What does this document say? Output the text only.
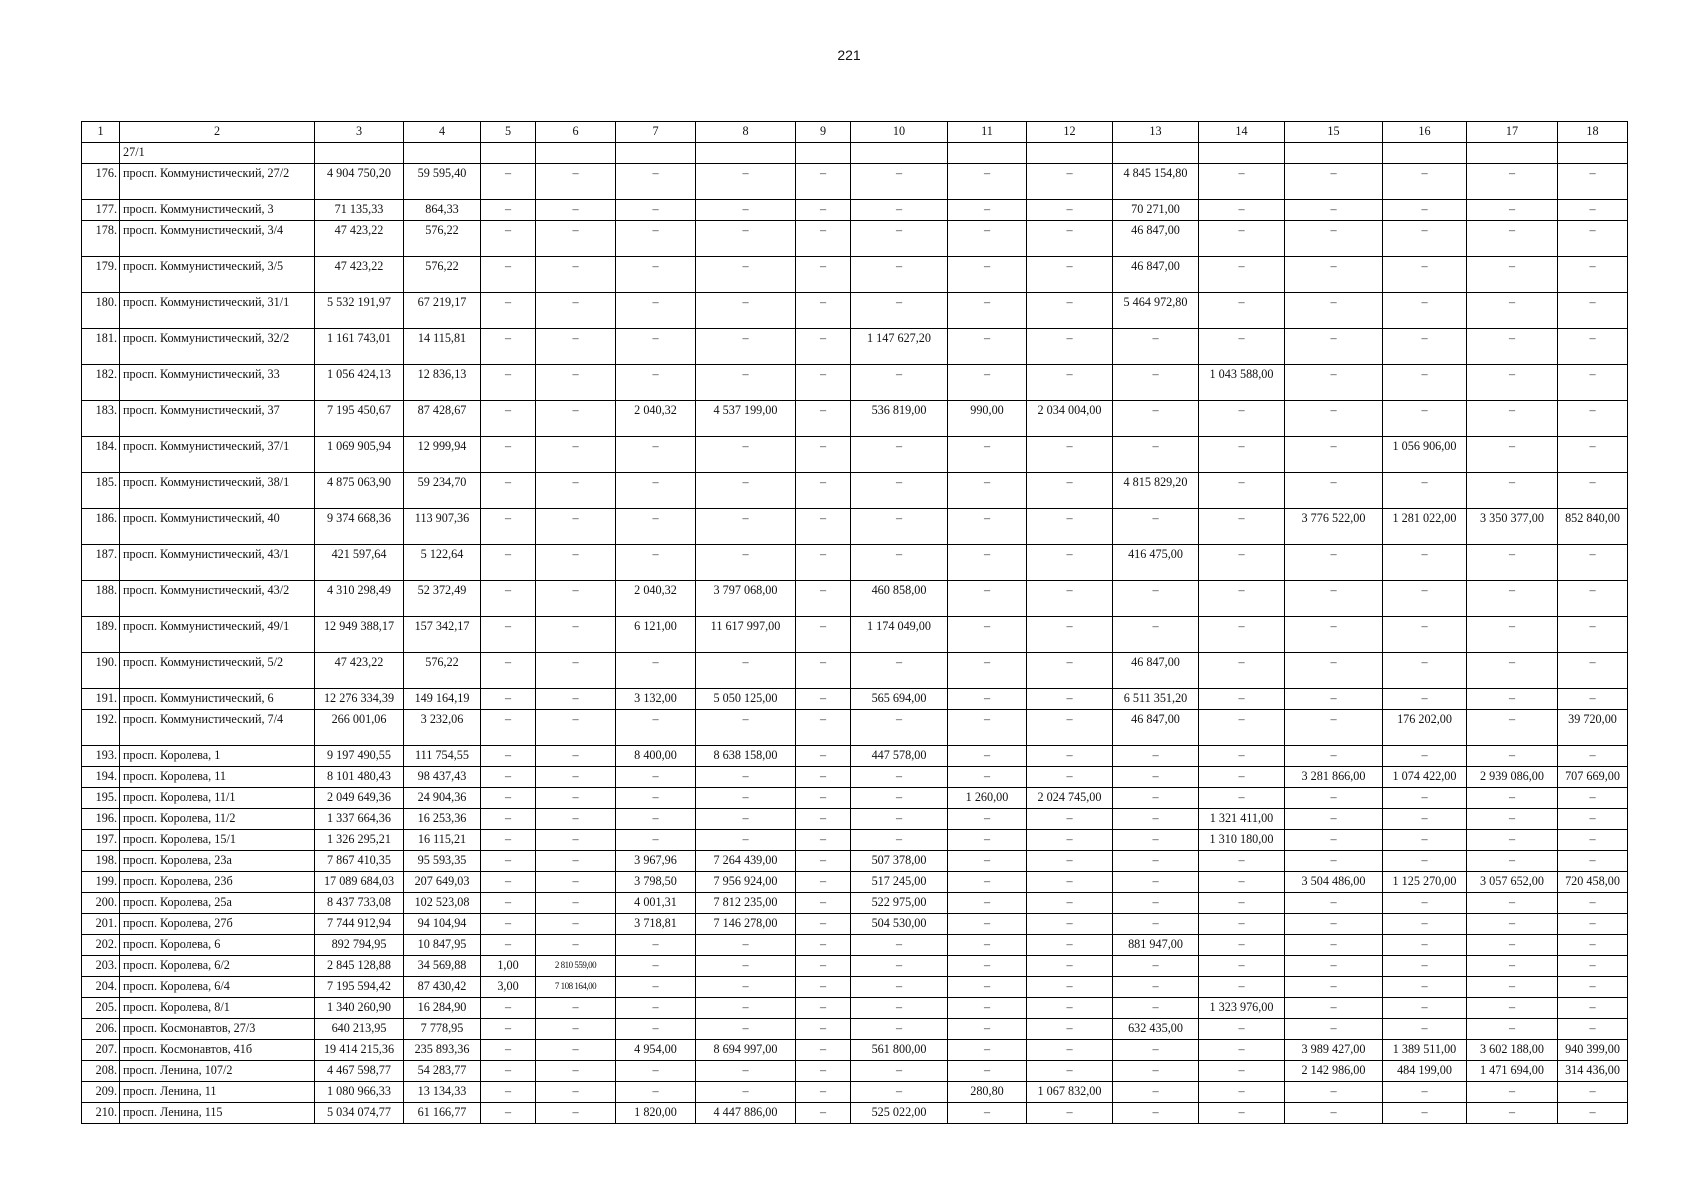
221
1	2	3	4	5	6	7	8	9	10	11	12	13	14	15	16	17	18
	27/1																
176.	просп. Коммунистический, 27/2	4 904 750,20	59 595,40	–	–	–	–	–	–	–	–	4 845 154,80	–	–	–	–	–
177.	просп. Коммунистический, 3	71 135,33	864,33	–	–	–	–	–	–	–	–	70 271,00	–	–	–	–	–
178.	просп. Коммунистический, 3/4	47 423,22	576,22	–	–	–	–	–	–	–	–	46 847,00	–	–	–	–	–
179.	просп. Коммунистический, 3/5	47 423,22	576,22	–	–	–	–	–	–	–	–	46 847,00	–	–	–	–	–
180.	просп. Коммунистический, 31/1	5 532 191,97	67 219,17	–	–	–	–	–	–	–	–	5 464 972,80	–	–	–	–	–
181.	просп. Коммунистический, 32/2	1 161 743,01	14 115,81	–	–	–	–	–	1 147 627,20	–	–	–	–	–	–	–	–
182.	просп. Коммунистический, 33	1 056 424,13	12 836,13	–	–	–	–	–	–	–	–	–	1 043 588,00	–	–	–	–
183.	просп. Коммунистический, 37	7 195 450,67	87 428,67	–	–	2 040,32	4 537 199,00	–	536 819,00	990,00	2 034 004,00	–	–	–	–	–	–
184.	просп. Коммунистический, 37/1	1 069 905,94	12 999,94	–	–	–	–	–	–	–	–	–	–	–	1 056 906,00	–	–
185.	просп. Коммунистический, 38/1	4 875 063,90	59 234,70	–	–	–	–	–	–	–	–	4 815 829,20	–	–	–	–	–
186.	просп. Коммунистический, 40	9 374 668,36	113 907,36	–	–	–	–	–	–	–	–	–	–	3 776 522,00	1 281 022,00	3 350 377,00	852 840,00
187.	просп. Коммунистический, 43/1	421 597,64	5 122,64	–	–	–	–	–	–	–	–	416 475,00	–	–	–	–	–
188.	просп. Коммунистический, 43/2	4 310 298,49	52 372,49	–	–	2 040,32	3 797 068,00	–	460 858,00	–	–	–	–	–	–	–	–
189.	просп. Коммунистический, 49/1	12 949 388,17	157 342,17	–	–	6 121,00	11 617 997,00	–	1 174 049,00	–	–	–	–	–	–	–	–
190.	просп. Коммунистический, 5/2	47 423,22	576,22	–	–	–	–	–	–	–	–	46 847,00	–	–	–	–	–
191.	просп. Коммунистический, 6	12 276 334,39	149 164,19	–	–	3 132,00	5 050 125,00	–	565 694,00	–	–	6 511 351,20	–	–	–	–	–
192.	просп. Коммунистический, 7/4	266 001,06	3 232,06	–	–	–	–	–	–	–	–	46 847,00	–	–	176 202,00	–	39 720,00
193.	просп. Королева, 1	9 197 490,55	111 754,55	–	–	8 400,00	8 638 158,00	–	447 578,00	–	–	–	–	–	–	–	–
194.	просп. Королева, 11	8 101 480,43	98 437,43	–	–	–	–	–	–	–	–	–	–	3 281 866,00	1 074 422,00	2 939 086,00	707 669,00
195.	просп. Королева, 11/1	2 049 649,36	24 904,36	–	–	–	–	–	–	1 260,00	2 024 745,00	–	–	–	–	–	–
196.	просп. Королева, 11/2	1 337 664,36	16 253,36	–	–	–	–	–	–	–	–	–	1 321 411,00	–	–	–	–
197.	просп. Королева, 15/1	1 326 295,21	16 115,21	–	–	–	–	–	–	–	–	–	1 310 180,00	–	–	–	–
198.	просп. Королева, 23а	7 867 410,35	95 593,35	–	–	3 967,96	7 264 439,00	–	507 378,00	–	–	–	–	–	–	–	–
199.	просп. Королева, 23б	17 089 684,03	207 649,03	–	–	3 798,50	7 956 924,00	–	517 245,00	–	–	–	–	3 504 486,00	1 125 270,00	3 057 652,00	720 458,00
200.	просп. Королева, 25а	8 437 733,08	102 523,08	–	–	4 001,31	7 812 235,00	–	522 975,00	–	–	–	–	–	–	–	–
201.	просп. Королева, 27б	7 744 912,94	94 104,94	–	–	3 718,81	7 146 278,00	–	504 530,00	–	–	–	–	–	–	–	–
202.	просп. Королева, 6	892 794,95	10 847,95	–	–	–	–	–	–	–	–	881 947,00	–	–	–	–	–
203.	просп. Королева, 6/2	2 845 128,88	34 569,88	1,00	2 810 559,00	–	–	–	–	–	–	–	–	–	–	–	–
204.	просп. Королева, 6/4	7 195 594,42	87 430,42	3,00	7 108 164,00	–	–	–	–	–	–	–	–	–	–	–	–
205.	просп. Королева, 8/1	1 340 260,90	16 284,90	–	–	–	–	–	–	–	–	–	1 323 976,00	–	–	–	–
206.	просп. Космонавтов, 27/3	640 213,95	7 778,95	–	–	–	–	–	–	–	–	632 435,00	–	–	–	–	–
207.	просп. Космонавтов, 41б	19 414 215,36	235 893,36	–	–	4 954,00	8 694 997,00	–	561 800,00	–	–	–	–	3 989 427,00	1 389 511,00	3 602 188,00	940 399,00
208.	просп. Ленина, 107/2	4 467 598,77	54 283,77	–	–	–	–	–	–	–	–	–	–	2 142 986,00	484 199,00	1 471 694,00	314 436,00
209.	просп. Ленина, 11	1 080 966,33	13 134,33	–	–	–	–	–	–	280,80	1 067 832,00	–	–	–	–	–	–
210.	просп. Ленина, 115	5 034 074,77	61 166,77	–	–	1 820,00	4 447 886,00	–	525 022,00	–	–	–	–	–	–	–	–
